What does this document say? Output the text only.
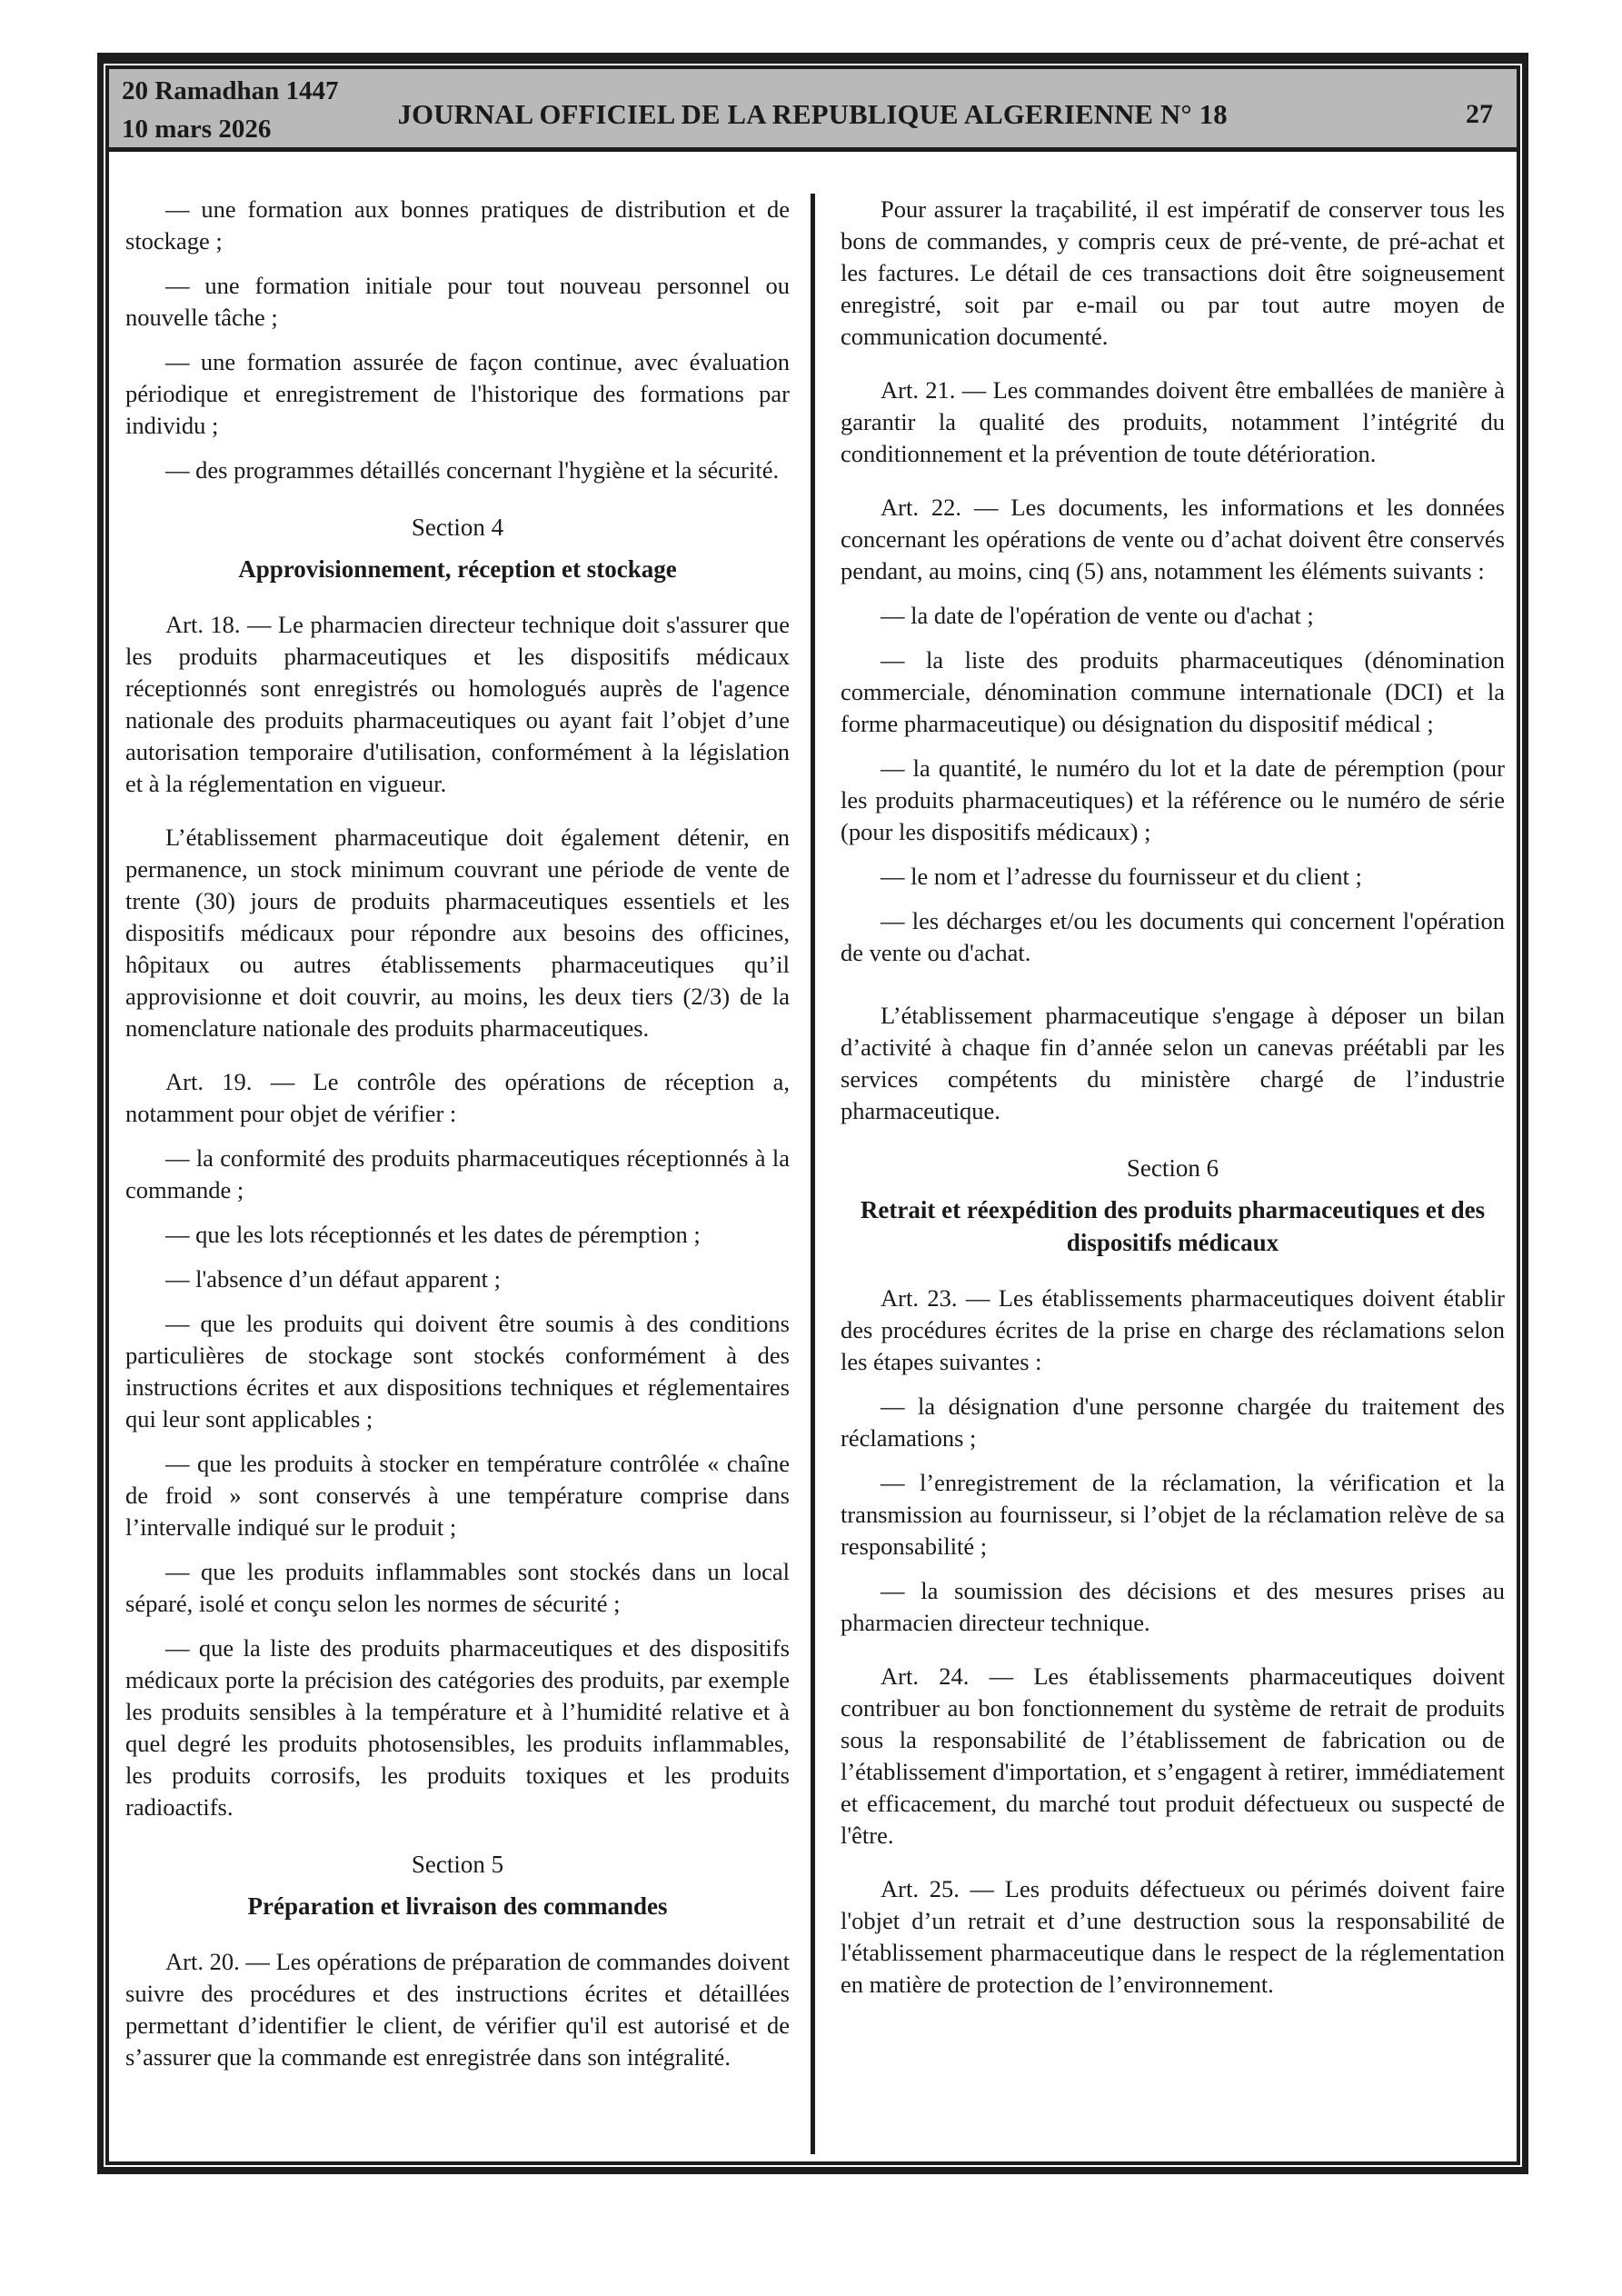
20 Ramadhan 1447
10 mars 2026	JOURNAL OFFICIEL DE LA REPUBLIQUE ALGERIENNE N° 18	27

— une formation aux bonnes pratiques de distribution et de stockage ;

— une formation initiale pour tout nouveau personnel ou nouvelle tâche ;

— une formation assurée de façon continue, avec évaluation périodique et enregistrement de l'historique des formations par individu ;

— des programmes détaillés concernant l'hygiène et la sécurité.

Section 4

Approvisionnement, réception et stockage

Art. 18. — Le pharmacien directeur technique doit s'assurer que les produits pharmaceutiques et les dispositifs médicaux réceptionnés sont enregistrés ou homologués auprès de l'agence nationale des produits pharmaceutiques ou ayant fait l’objet d’une autorisation temporaire d'utilisation, conformément à la législation et à la réglementation en vigueur.

L’établissement pharmaceutique doit également détenir, en permanence, un stock minimum couvrant une période de vente de trente (30) jours de produits pharmaceutiques essentiels et les dispositifs médicaux pour répondre aux besoins des officines, hôpitaux ou autres établissements pharmaceutiques qu’il approvisionne et doit couvrir, au moins, les deux tiers (2/3) de la nomenclature nationale des produits pharmaceutiques.

Art. 19. — Le contrôle des opérations de réception a, notamment pour objet de vérifier :

— la conformité des produits pharmaceutiques réceptionnés à la commande ;

— que les lots réceptionnés et les dates de péremption ;

— l'absence d’un défaut apparent ;

— que les produits qui doivent être soumis à des conditions particulières de stockage sont stockés conformément à des instructions écrites et aux dispositions techniques et réglementaires qui leur sont applicables ;

— que les produits à stocker en température contrôlée « chaîne de froid » sont conservés à une température comprise dans l’intervalle indiqué sur le produit ;

— que les produits inflammables sont stockés dans un local séparé, isolé et conçu selon les normes de sécurité ;

— que la liste des produits pharmaceutiques et des dispositifs médicaux porte la précision des catégories des produits, par exemple les produits sensibles à la température et à l’humidité relative et à quel degré les produits photosensibles, les produits inflammables, les produits corrosifs, les produits toxiques et les produits radioactifs.

Section 5

Préparation et livraison des commandes

Art. 20. — Les opérations de préparation de commandes doivent suivre des procédures et des instructions écrites et détaillées permettant d’identifier le client, de vérifier qu'il est autorisé et de s’assurer que la commande est enregistrée dans son intégralité.

Pour assurer la traçabilité, il est impératif de conserver tous les bons de commandes, y compris ceux de pré-vente, de pré-achat et les factures. Le détail de ces transactions doit être soigneusement enregistré, soit par e-mail ou par tout autre moyen de communication documenté.

Art. 21. — Les commandes doivent être emballées de manière à garantir la qualité des produits, notamment l’intégrité du conditionnement et la prévention de toute détérioration.

Art. 22. — Les documents, les informations et les données concernant les opérations de vente ou d’achat doivent être conservés pendant, au moins, cinq (5) ans, notamment les éléments suivants :

— la date de l'opération de vente ou d'achat ;

— la liste des produits pharmaceutiques (dénomination commerciale, dénomination commune internationale (DCI) et la forme pharmaceutique) ou désignation du dispositif médical ;

— la quantité, le numéro du lot et la date de péremption (pour les produits pharmaceutiques) et la référence ou le numéro de série (pour les dispositifs médicaux) ;

— le nom et l’adresse du fournisseur et du client ;

— les décharges et/ou les documents qui concernent l'opération de vente ou d'achat.

L’établissement pharmaceutique s'engage à déposer un bilan d’activité à chaque fin d’année selon un canevas préétabli par les services compétents du ministère chargé de l’industrie pharmaceutique.

Section 6

Retrait et réexpédition des produits pharmaceutiques et des dispositifs médicaux

Art. 23. — Les établissements pharmaceutiques doivent établir des procédures écrites de la prise en charge des réclamations selon les étapes suivantes :

— la désignation d'une personne chargée du traitement des réclamations ;

— l’enregistrement de la réclamation, la vérification et la transmission au fournisseur, si l’objet de la réclamation relève de sa responsabilité ;

— la soumission des décisions et des mesures prises au pharmacien directeur technique.

Art. 24. — Les établissements pharmaceutiques doivent contribuer au bon fonctionnement du système de retrait de produits sous la responsabilité de l’établissement de fabrication ou de l’établissement d'importation, et s’engagent à retirer, immédiatement et efficacement, du marché tout produit défectueux ou suspecté de l'être.

Art. 25. — Les produits défectueux ou périmés doivent faire l'objet d’un retrait et d’une destruction sous la responsabilité de l'établissement pharmaceutique dans le respect de la réglementation en matière de protection de l’environnement.
